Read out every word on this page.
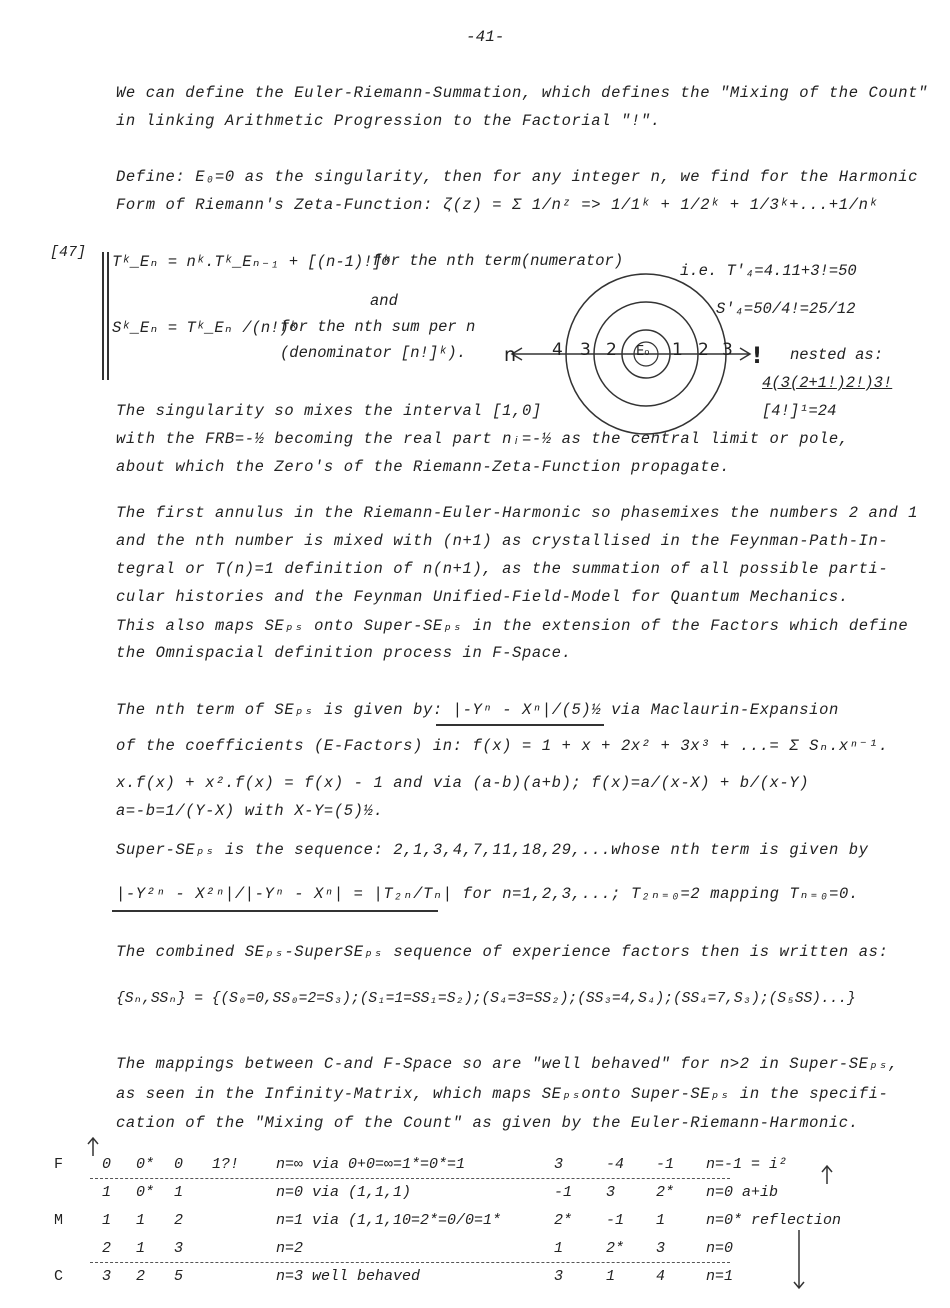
-41-
We can define the Euler-Riemann-Summation, which defines the "Mixing of the Count"
in linking Arithmetic Progression to the Factorial "!".
Define: E₀=0 as the singularity, then for any integer n, we find for the Harmonic
Form of Riemann's Zeta-Function: ζ(z) = Σ 1/nᶻ => 1/1ᵏ + 1/2ᵏ + 1/3ᵏ+...+1/nᵏ
[47]
Tᵏ_Eₙ = nᵏ.Tᵏ_Eₙ₋₁ + [(n-1)!]ᵏ
for the nth term(numerator)
and
Sᵏ_Eₙ = Tᵏ_Eₙ /(n!)ᵏ
for the nth sum per n
(denominator [n!]ᵏ).
i.e. T'₄=4.11+3!=50
S'₄=50/4!=25/12
nested as:
4(3(2+1!)2!)3!
[4!]¹=24
n 4 3 2 E₀ 1 2 3 !
The singularity so mixes the interval [1,0]
with the FRB=-½ becoming the real part nᵢ=-½ as the central limit or pole,
about which the Zero's of the Riemann-Zeta-Function propagate.
The first annulus in the Riemann-Euler-Harmonic so phasemixes the numbers 2 and 1
and the nth number is mixed with (n+1) as crystallised in the Feynman-Path-In-
tegral or T(n)=1 definition of n(n+1), as the summation of all possible parti-
cular histories and the Feynman Unified-Field-Model for Quantum Mechanics.
This also maps SEₚₛ onto Super-SEₚₛ in the extension of the Factors which define
the Omnispacial definition process in F-Space.
The nth term of SEₚₛ is given by: |-Yⁿ - Xⁿ|/(5)½ via Maclaurin-Expansion
of the coefficients (E-Factors) in: f(x) = 1 + x + 2x² + 3x³ + ...= Σ Sₙ.xⁿ⁻¹.
x.f(x) + x².f(x) = f(x) - 1 and via (a-b)(a+b); f(x)=a/(x-X) + b/(x-Y)
a=-b=1/(Y-X) with X-Y=(5)½.
Super-SEₚₛ is the sequence: 2,1,3,4,7,11,18,29,...whose nth term is given by
|-Y²ⁿ - X²ⁿ|/|-Yⁿ - Xⁿ| = |T₂ₙ/Tₙ| for n=1,2,3,...; T₂ₙ₌₀=2 mapping Tₙ₌₀=0.
The combined SEₚₛ-SuperSEₚₛ sequence of experience factors then is written as:
{Sₙ,SSₙ} = {(S₀=0,SS₀=2=S₃);(S₁=1=SS₁=S₂);(S₄=3=SS₂);(SS₃=4,S₄);(SS₄=7,S₃);(S₅SS)...}
The mappings between C-and F-Space so are "well behaved" for n>2 in Super-SEₚₛ,
as seen in the Infinity-Matrix, which maps SEₚₛonto Super-SEₚₛ in the specifi-
cation of the "Mixing of the Count" as given by the Euler-Riemann-Harmonic.
F	0	0*	0	1?!	n=∞ via 0+0=∞=1*=0*=1	3	-4	-1	n=-1 = i²
	1	0*	1		n=0 via (1,1,1)	-1	3	2*	n=0 a+ib
M	1	1	2		n=1 via (1,1,10=2*=0/0=1*	2*	-1	1	n=0* reflection
	2	1	3		n=2	1	2*	3	n=0
C	3	2	5		n=3 well behaved	3	1	4	n=1
